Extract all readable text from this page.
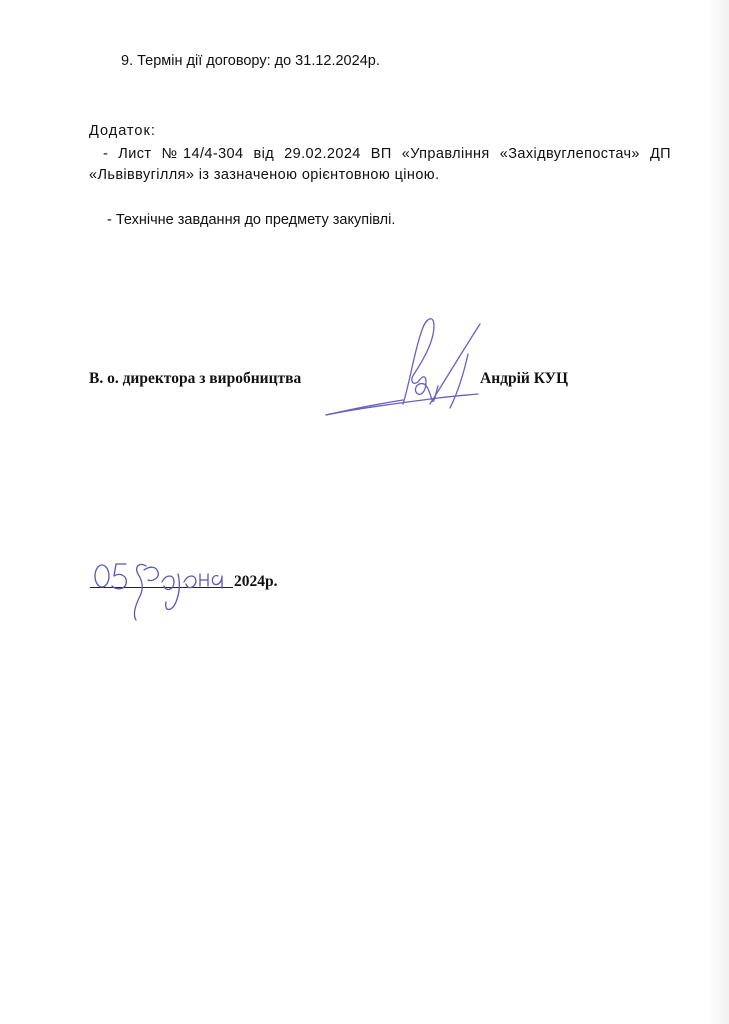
9. Термін дії договору: до 31.12.2024р.
Додаток:
- Лист №14/4-304 від 29.02.2024 ВП «Управління «Західвуглепостач» ДП «Львіввугілля» із зазначеною орієнтовною ціною.
- Технічне завдання до предмету закупівлі.
В. о. директора з виробництва	Андрій КУЦ
2024р.
